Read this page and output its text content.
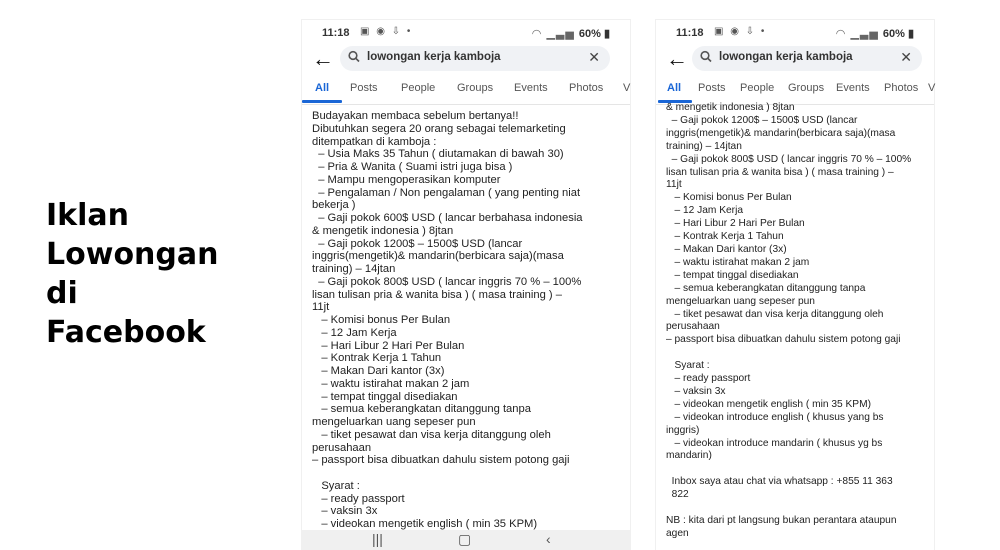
Iklan
Lowongan
di
Facebook
11:18 ▣ ◉ ⇩ •	◠ ▁▃▅ 60% ▮
←	lowongan kerja kamboja	✕
All Posts People Groups Events Photos V
Budayakan membaca sebelum bertanya!!
Dibutuhkan segera 20 orang sebagai telemarketing
ditempatkan di kamboja :
– Usia Maks 35 Tahun ( diutamakan di bawah 30)
– Pria & Wanita ( Suami istri juga bisa )
– Mampu mengoperasikan komputer
– Pengalaman / Non pengalaman ( yang penting niat
bekerja )
– Gaji pokok 600$ USD ( lancar berbahasa indonesia
& mengetik indonesia ) 8jtan
– Gaji pokok 1200$ – 1500$ USD (lancar
inggris(mengetik)& mandarin(berbicara saja)(masa
training) – 14jtan
– Gaji pokok 800$ USD ( lancar inggris 70 % – 100%
lisan tulisan pria & wanita bisa ) ( masa training ) –
11jt
– Komisi bonus Per Bulan
– 12 Jam Kerja
– Hari Libur 2 Hari Per Bulan
– Kontrak Kerja 1 Tahun
– Makan Dari kantor (3x)
– waktu istirahat makan 2 jam
– tempat tinggal disediakan
– semua keberangkatan ditanggung tanpa
mengeluarkan uang sepeser pun
– tiket pesawat dan visa kerja ditanggung oleh
perusahaan
– passport bisa dibuatkan dahulu sistem potong gaji

Syarat :
– ready passport
– vaksin 3x
– videokan mengetik english ( min 35 KPM)
|||	▢	‹
11:18 ▣ ◉ ⇩ •	◠ ▁▃▅ 60% ▮
←	lowongan kerja kamboja	✕
All Posts People Groups Events Photos V
& mengetik indonesia ) 8jtan
– Gaji pokok 1200$ – 1500$ USD (lancar
inggris(mengetik)& mandarin(berbicara saja)(masa
training) – 14jtan
– Gaji pokok 800$ USD ( lancar inggris 70 % – 100%
lisan tulisan pria & wanita bisa ) ( masa training ) –
11jt
– Komisi bonus Per Bulan
– 12 Jam Kerja
– Hari Libur 2 Hari Per Bulan
– Kontrak Kerja 1 Tahun
– Makan Dari kantor (3x)
– waktu istirahat makan 2 jam
– tempat tinggal disediakan
– semua keberangkatan ditanggung tanpa
mengeluarkan uang sepeser pun
– tiket pesawat dan visa kerja ditanggung oleh
perusahaan
– passport bisa dibuatkan dahulu sistem potong gaji

Syarat :
– ready passport
– vaksin 3x
– videokan mengetik english ( min 35 KPM)
– videokan introduce english ( khusus yang bs
inggris)
– videokan introduce mandarin ( khusus yg bs
mandarin)

Inbox saya atau chat via whatsapp : +855 11 363
822

NB : kita dari pt langsung bukan perantara ataupun
agen
